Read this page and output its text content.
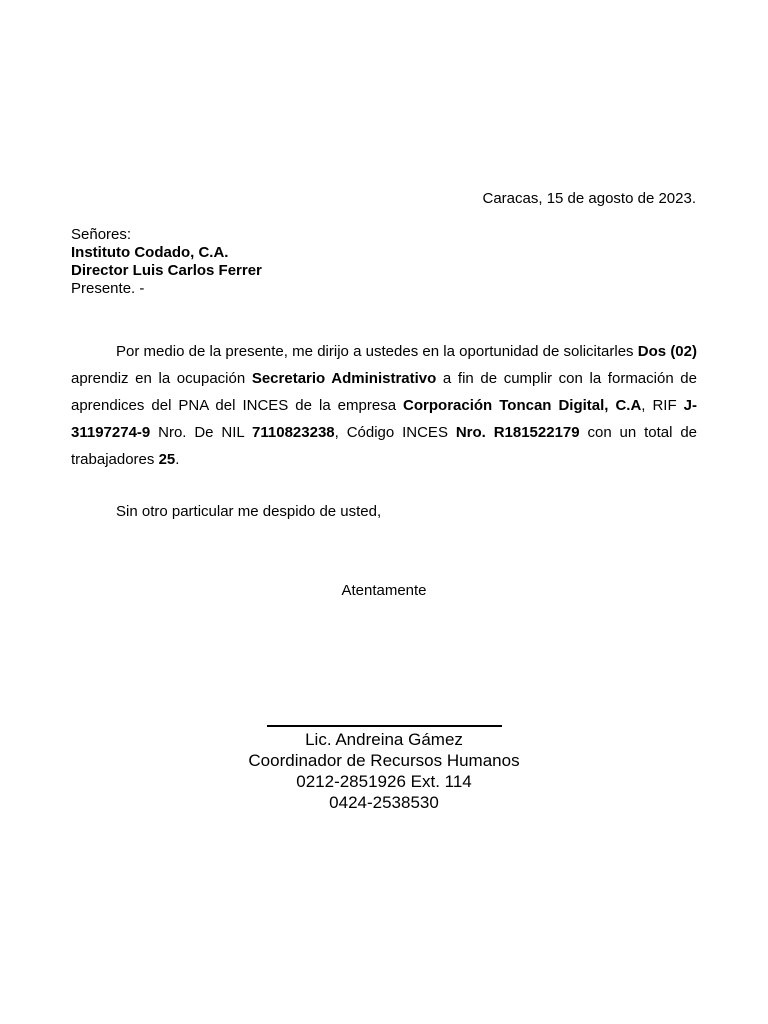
Caracas, 15 de agosto de 2023.
Señores:
Instituto Codado, C.A.
Director Luis Carlos Ferrer
Presente. -

Por medio de la presente, me dirijo a ustedes en la oportunidad de solicitarles Dos (02) aprendiz en la ocupación Secretario Administrativo a fin de cumplir con la formación de aprendices del PNA del INCES de la empresa Corporación Toncan Digital, C.A, RIF J-31197274-9 Nro. De NIL 7110823238, Código INCES Nro. R181522179 con un total de trabajadores 25.

Sin otro particular me despido de usted,
Atentamente
Lic. Andreina Gámez
Coordinador de Recursos Humanos
0212-2851926 Ext. 114
0424-2538530
